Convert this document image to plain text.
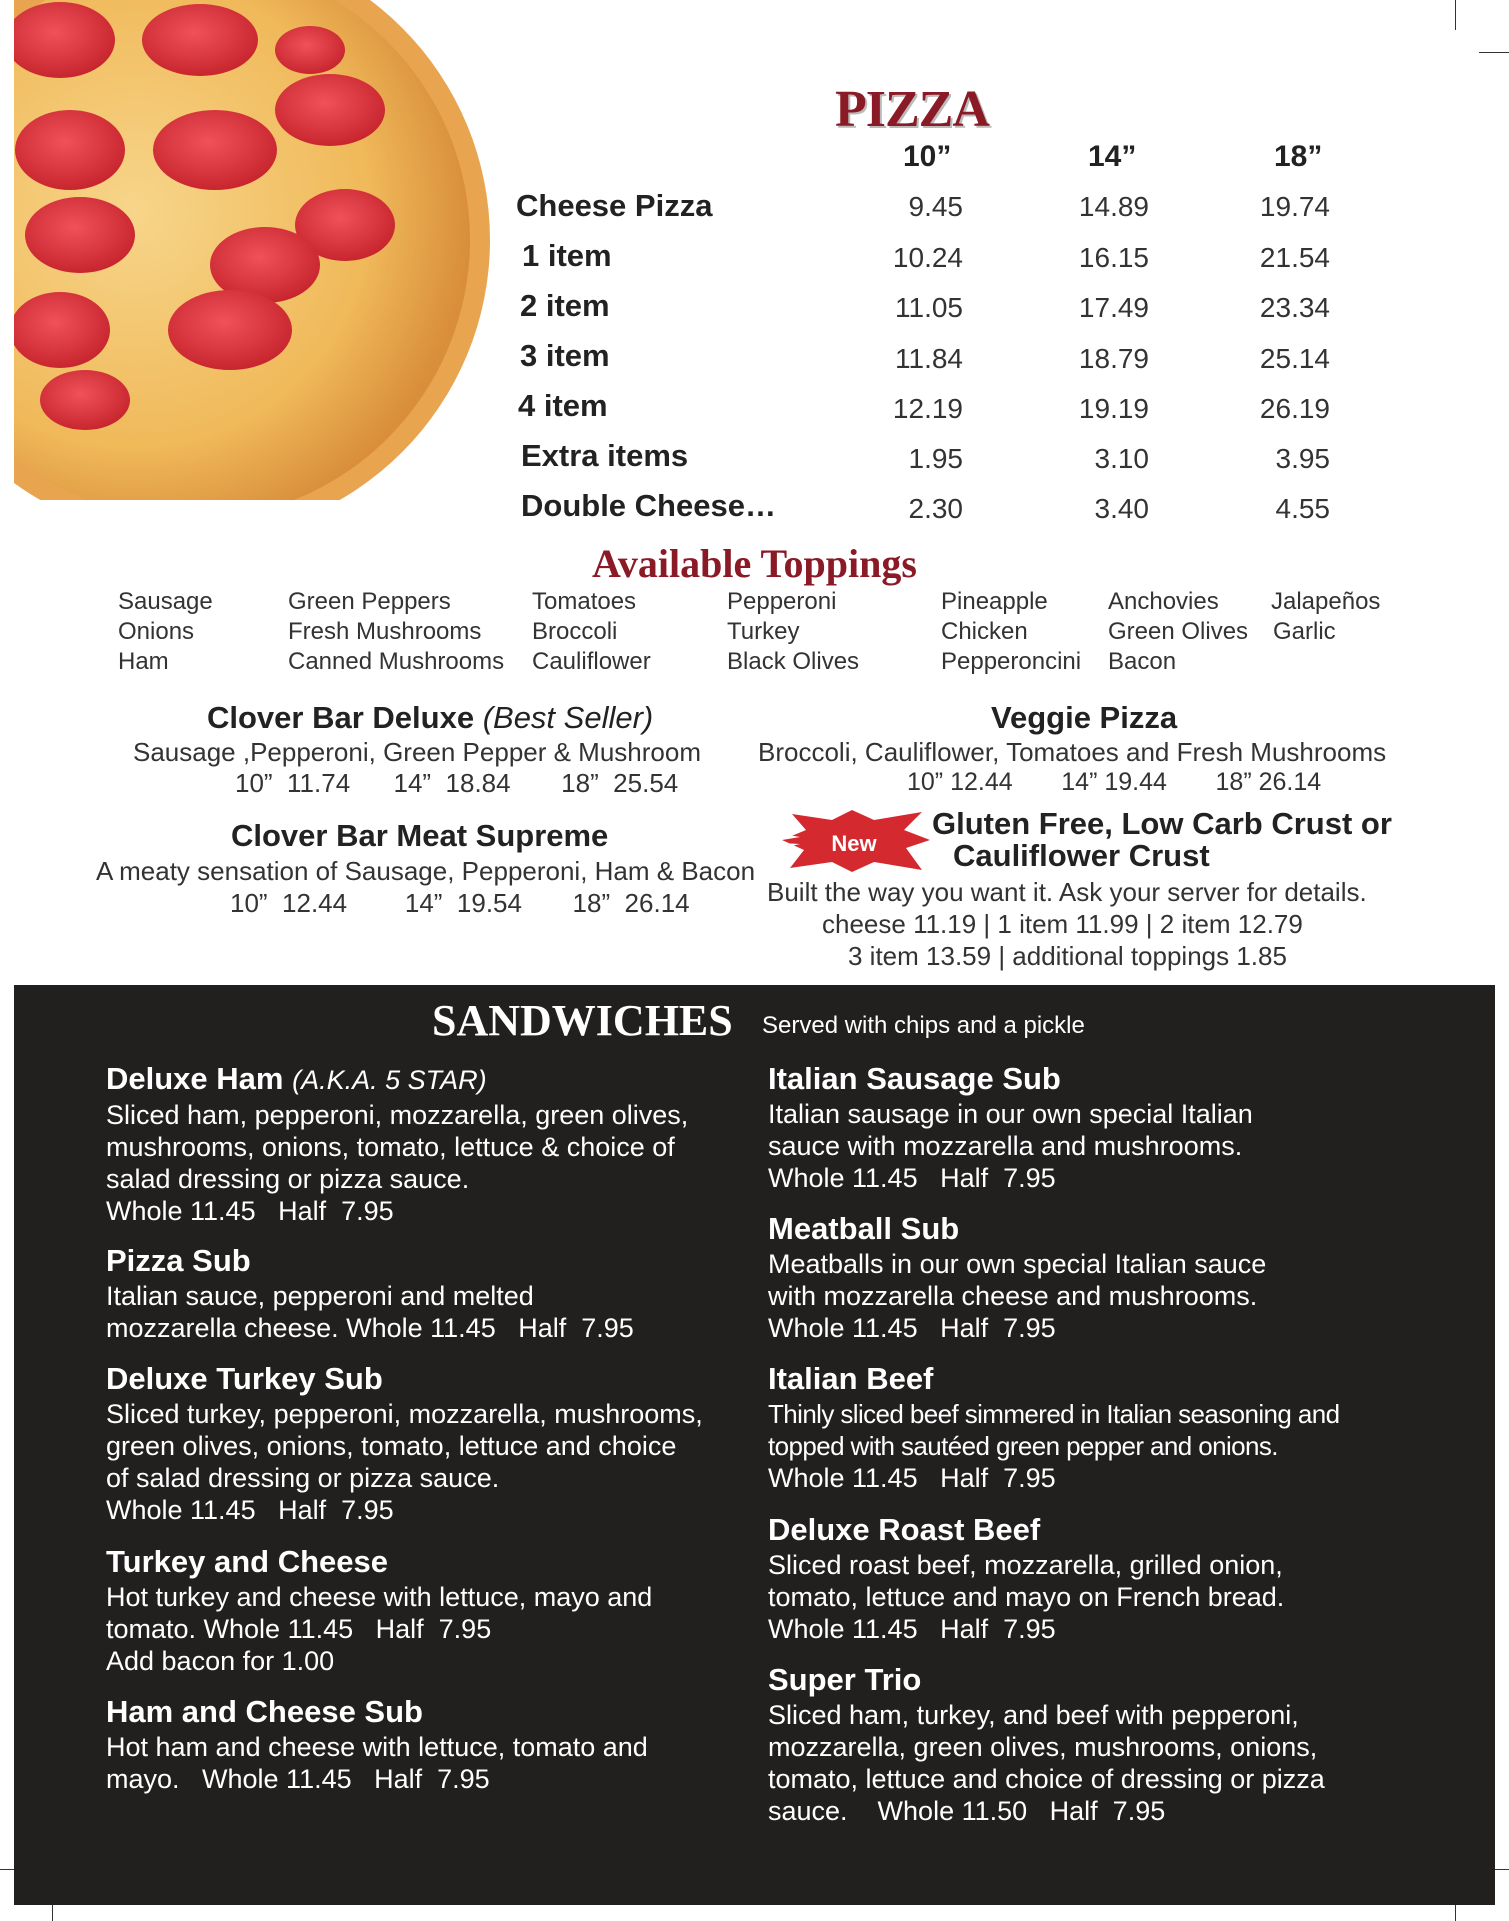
PIZZA
10”	14”	18”
Cheese Pizza	9.45	14.89	19.74
1 item	10.24	16.15	21.54
2 item	11.05	17.49	23.34
3 item	11.84	18.79	25.14
4 item	12.19	19.19	26.19
Extra items	1.95	3.10	3.95
Double Cheese…	2.30	3.40	4.55
Available Toppings
Sausage
Onions
Ham
Green Peppers
Fresh Mushrooms
Canned Mushrooms
Tomatoes
Broccoli
Cauliflower
Pepperoni
Turkey
Black Olives
Pineapple
Chicken
Pepperoncini
Anchovies
Green Olives
Bacon
Jalapeños
Garlic
Clover Bar Deluxe (Best Seller)
Sausage ,Pepperoni, Green Pepper & Mushroom
10”  11.74      14”  18.84       18”  25.54
Veggie Pizza
Broccoli, Cauliflower, Tomatoes and Fresh Mushrooms
10” 12.44       14” 19.44       18” 26.14
Clover Bar Meat Supreme
A meaty sensation of Sausage, Pepperoni, Ham & Bacon
10”  12.44        14”  19.54       18”  26.14
New
Gluten Free, Low Carb Crust or
Cauliflower Crust
Built the way you want it. Ask your server for details.
cheese 11.19 | 1 item 11.99 | 2 item 12.79
3 item 13.59 | additional toppings 1.85
SANDWICHES Served with chips and a pickle
Deluxe Ham (A.K.A. 5 STAR)
Sliced ham, pepperoni, mozzarella, green olives,
mushrooms, onions, tomato, lettuce & choice of
salad dressing or pizza sauce.
Whole 11.45   Half  7.95
Pizza Sub
Italian sauce, pepperoni and melted
mozzarella cheese. Whole 11.45   Half  7.95
Deluxe Turkey Sub
Sliced turkey, pepperoni, mozzarella, mushrooms,
green olives, onions, tomato, lettuce and choice
of salad dressing or pizza sauce.
Whole 11.45   Half  7.95
Turkey and Cheese
Hot turkey and cheese with lettuce, mayo and
tomato. Whole 11.45   Half  7.95
Add bacon for 1.00
Ham and Cheese Sub
Hot ham and cheese with lettuce, tomato and
mayo.   Whole 11.45   Half  7.95
Italian Sausage Sub
Italian sausage in our own special Italian
sauce with mozzarella and mushrooms.
Whole 11.45   Half  7.95
Meatball Sub
Meatballs in our own special Italian sauce
with mozzarella cheese and mushrooms.
Whole 11.45   Half  7.95
Italian Beef
Thinly sliced beef simmered in Italian seasoning and
topped with sautéed green pepper and onions.
Whole 11.45   Half  7.95
Deluxe Roast Beef
Sliced roast beef, mozzarella, grilled onion,
tomato, lettuce and mayo on French bread.
Whole 11.45   Half  7.95
Super Trio
Sliced ham, turkey, and beef with pepperoni,
mozzarella, green olives, mushrooms, onions,
tomato, lettuce and choice of dressing or pizza
sauce.    Whole 11.50   Half  7.95
